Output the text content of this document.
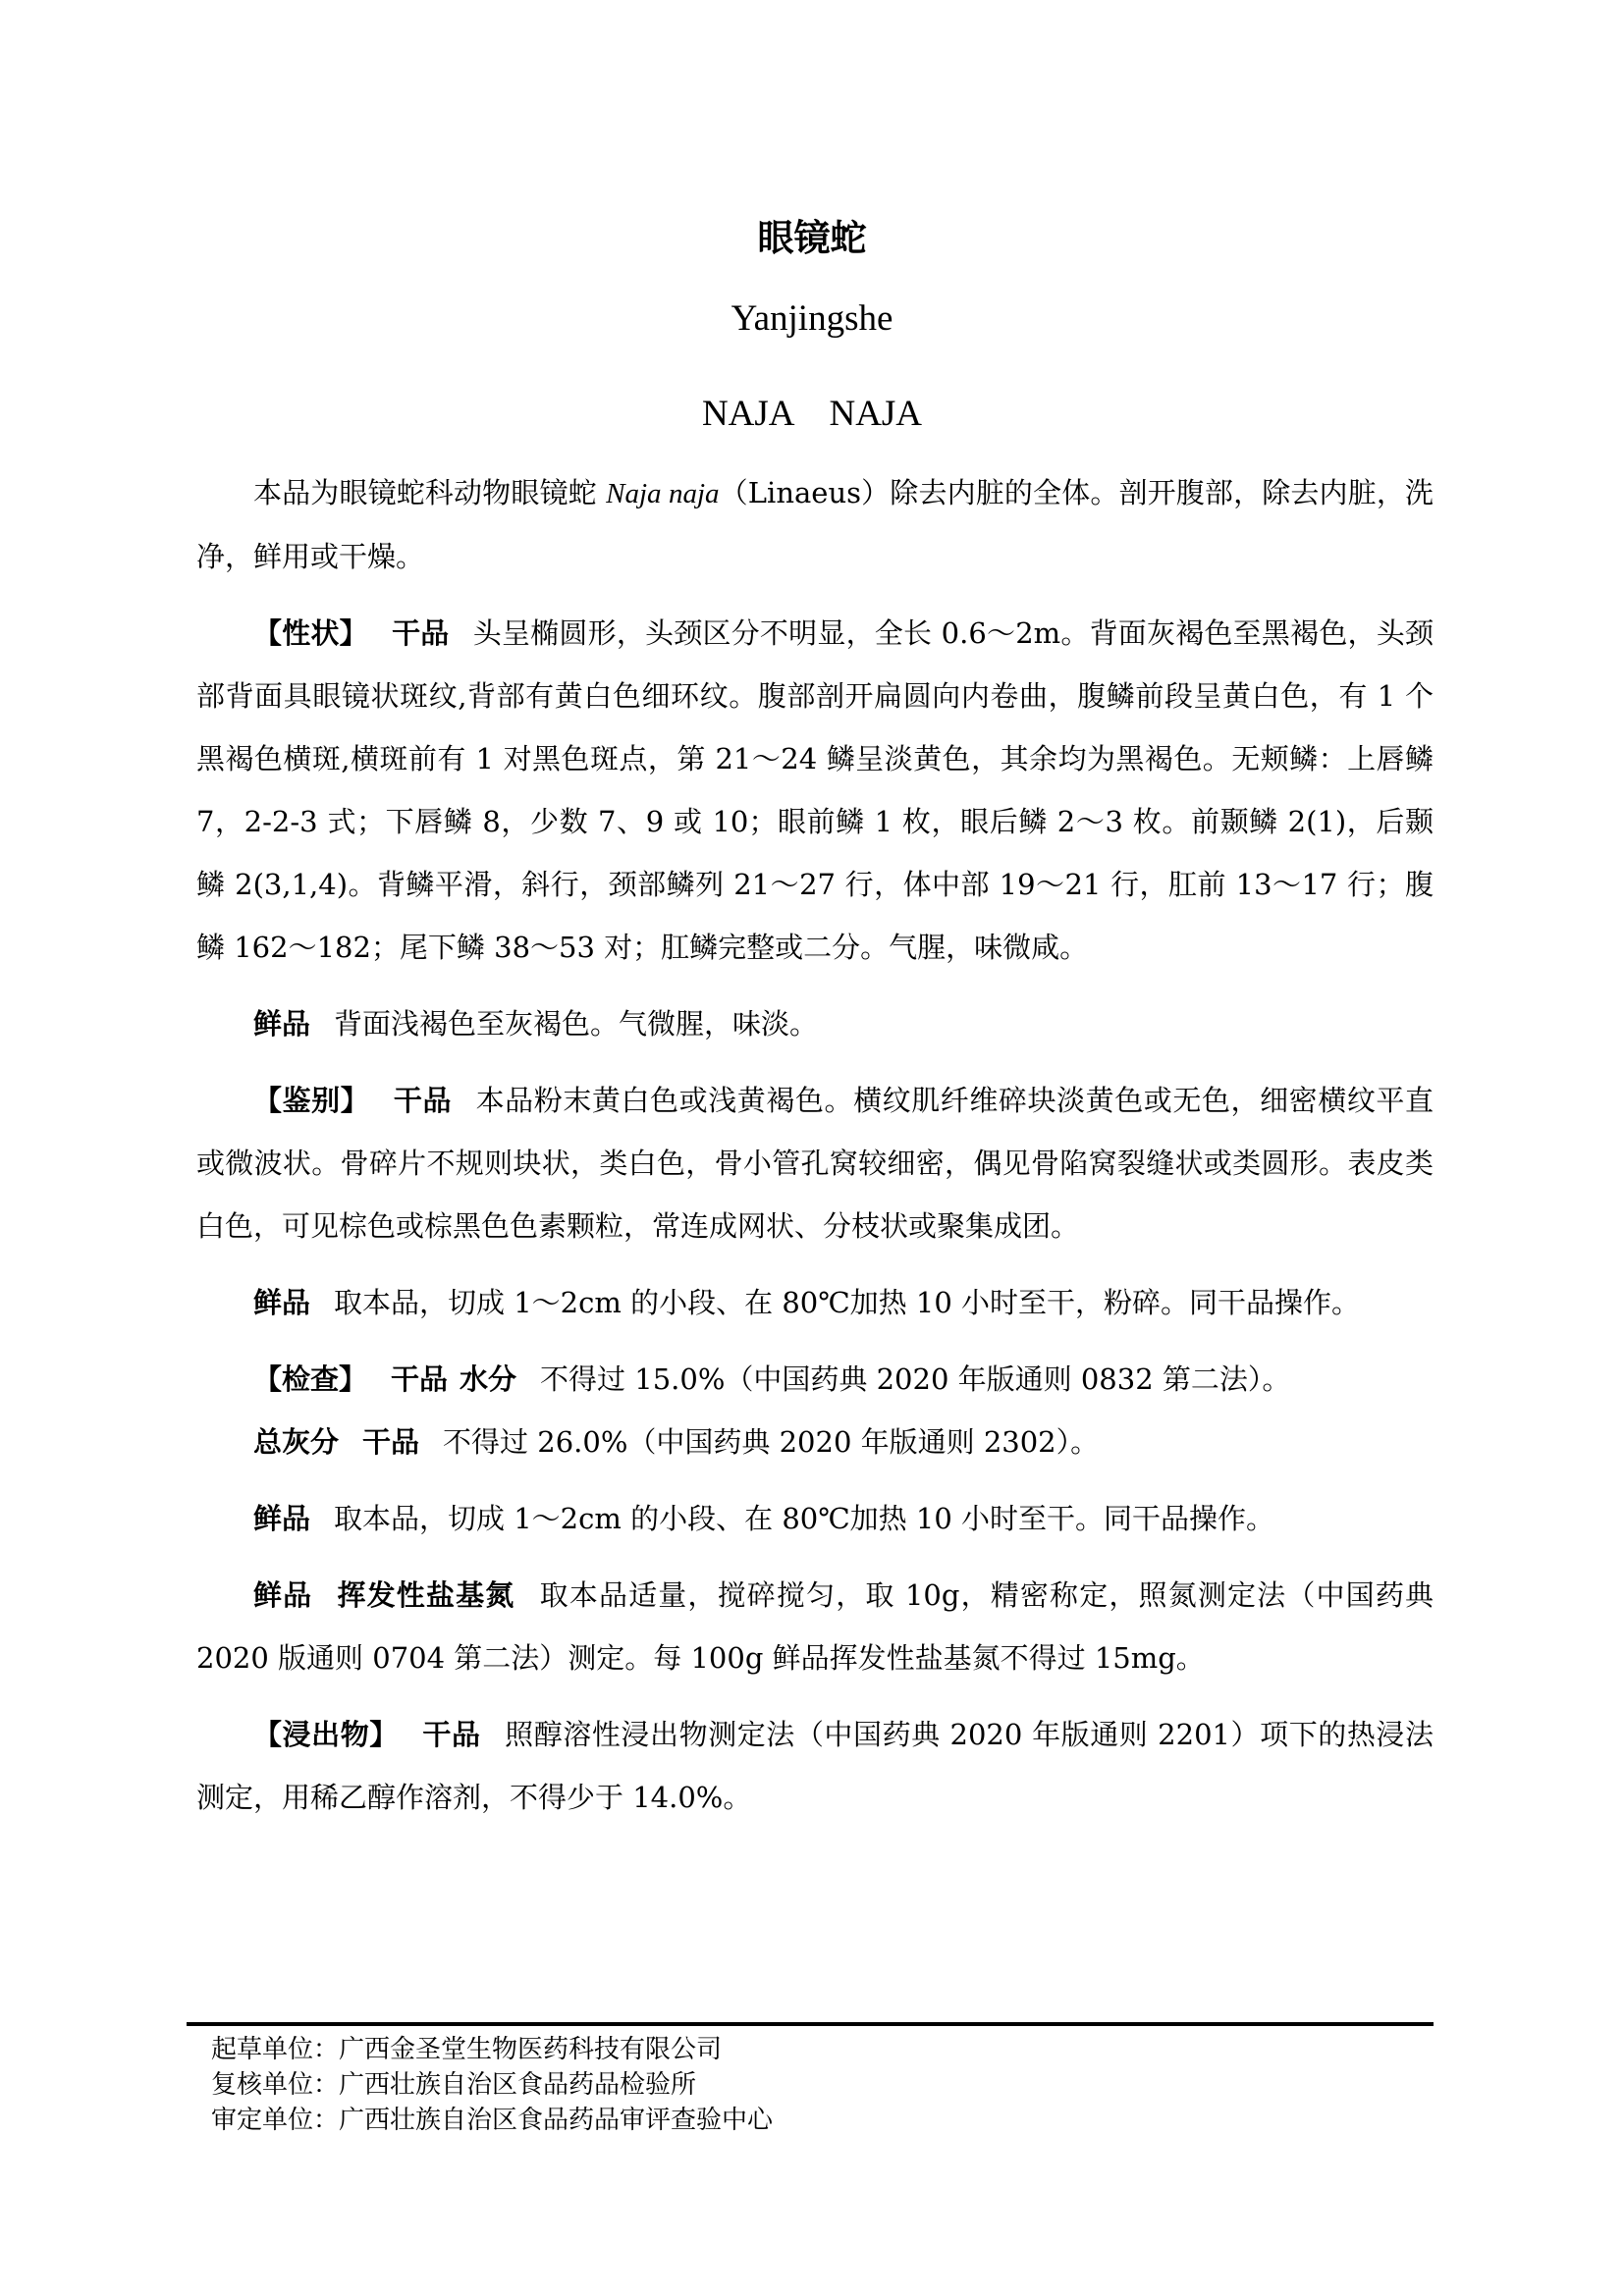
眼镜蛇
Yanjingshe
NAJA　NAJA

本品为眼镜蛇科动物眼镜蛇 Naja naja（Linaeus）除去内脏的全体。剖开腹部，除去内脏，洗净，鲜用或干燥。

【性状】 干品 头呈椭圆形，头颈区分不明显，全长 0.6～2m。背面灰褐色至黑褐色，头颈部背面具眼镜状斑纹,背部有黄白色细环纹。腹部剖开扁圆向内卷曲，腹鳞前段呈黄白色，有 1 个黑褐色横斑,横斑前有 1 对黑色斑点，第 21～24 鳞呈淡黄色，其余均为黑褐色。无颊鳞：上唇鳞 7，2-2-3 式；下唇鳞 8，少数 7、9 或 10；眼前鳞 1 枚，眼后鳞 2～3 枚。前颞鳞 2(1)，后颞鳞 2(3,1,4)。背鳞平滑，斜行，颈部鳞列 21～27 行，体中部 19～21 行，肛前 13～17 行；腹鳞 162～182；尾下鳞 38～53 对；肛鳞完整或二分。气腥，味微咸。

鲜品 背面浅褐色至灰褐色。气微腥，味淡。

【鉴别】 干品 本品粉末黄白色或浅黄褐色。横纹肌纤维碎块淡黄色或无色，细密横纹平直或微波状。骨碎片不规则块状，类白色，骨小管孔窝较细密，偶见骨陷窝裂缝状或类圆形。表皮类白色，可见棕色或棕黑色色素颗粒，常连成网状、分枝状或聚集成团。

鲜品 取本品，切成 1～2cm 的小段、在 80℃加热 10 小时至干，粉碎。同干品操作。

【检查】 干品 水分 不得过 15.0%（中国药典 2020 年版通则 0832 第二法）。

总灰分 干品 不得过 26.0%（中国药典 2020 年版通则 2302）。

鲜品 取本品，切成 1～2cm 的小段、在 80℃加热 10 小时至干。同干品操作。

鲜品 挥发性盐基氮 取本品适量，搅碎搅匀，取 10g，精密称定，照氮测定法（中国药典 2020 版通则 0704 第二法）测定。每 100g 鲜品挥发性盐基氮不得过 15mg。

【浸出物】 干品 照醇溶性浸出物测定法（中国药典 2020 年版通则 2201）项下的热浸法测定，用稀乙醇作溶剂，不得少于 14.0%。

起草单位：广西金圣堂生物医药科技有限公司
复核单位：广西壮族自治区食品药品检验所
审定单位：广西壮族自治区食品药品审评查验中心
